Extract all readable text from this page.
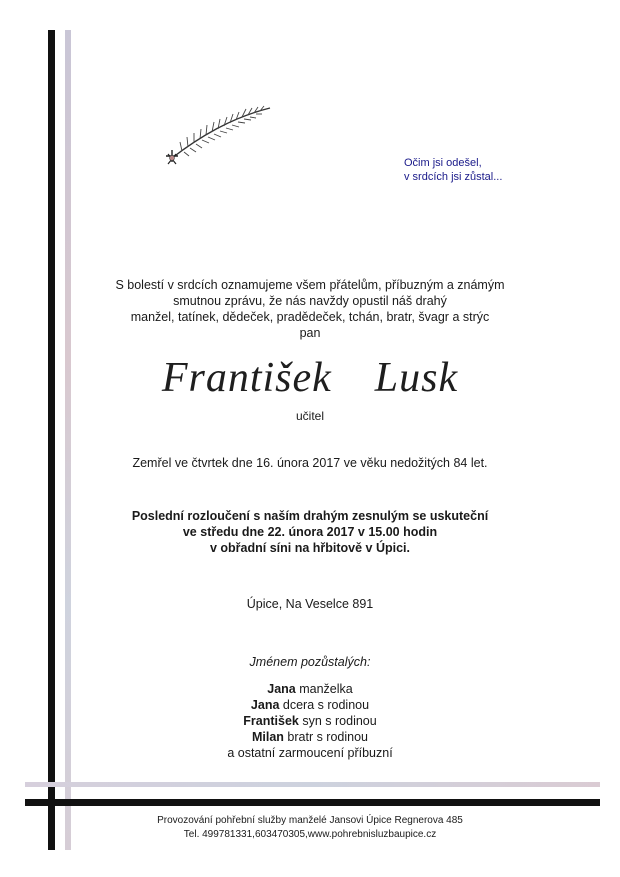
Očim jsi odešel,
v srdcích jsi zůstal...
S bolestí v srdcích oznamujeme všem přátelům, příbuzným a známým
smutnou zprávu, že nás navždy opustil náš drahý
manžel, tatínek, dědeček, pradědeček, tchán, bratr, švagr a strýc
pan
František  Lusk
učitel
Zemřel ve čtvrtek dne 16. února 2017 ve věku nedožitých 84 let.
Poslední rozloučení s naším drahým zesnulým se uskuteční
ve středu dne 22. února 2017 v 15.00 hodin
v obřadní síni na hřbitově v Úpici.
Úpice, Na Veselce 891
Jménem pozůstalých:
Jana manželka
Jana dcera s rodinou
František syn s rodinou
Milan bratr s rodinou
a ostatní zarmoucení příbuzní
Provozování pohřební služby manželé Jansovi Úpice Regnerova 485
Tel. 499781331,603470305,www.pohrebnisluzbaupice.cz
